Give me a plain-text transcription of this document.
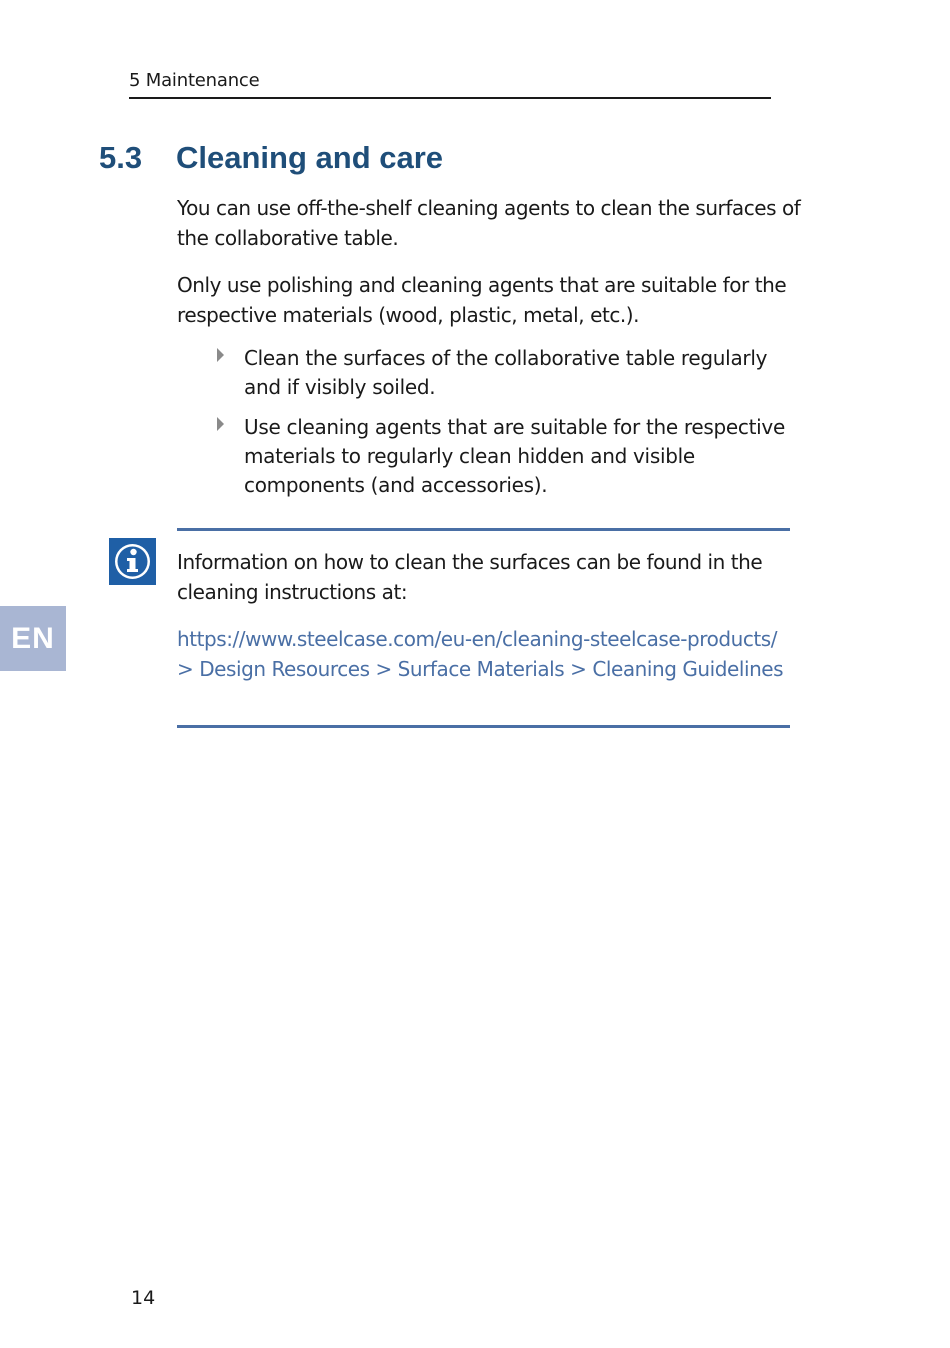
5 Maintenance
5.3 Cleaning and care

You can use off-the-shelf cleaning agents to clean the surfaces of the collaborative table.

Only use polishing and cleaning agents that are suitable for the respective materials (wood, plastic, metal, etc.).

Clean the surfaces of the collaborative table regularly and if visibly soiled.
Use cleaning agents that are suitable for the respective materials to regularly clean hidden and visible components (and accessories).

Information on how to clean the surfaces can be found in the cleaning instructions at:

https://www.steelcase.com/eu-en/cleaning-steelcase-products/ > Design Resources > Surface Materials > Cleaning Guidelines
EN
14
